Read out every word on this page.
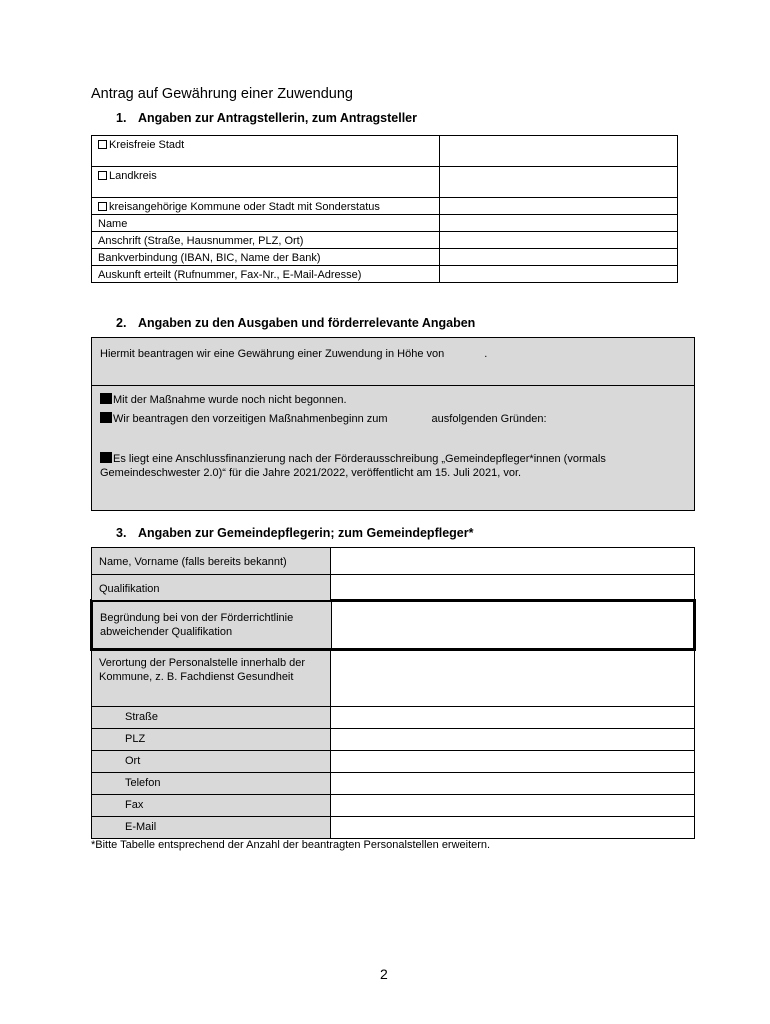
Antrag auf Gewährung einer Zuwendung
1. Angaben zur Antragstellerin, zum Antragsteller
Kreisfreie Stadt
Landkreis
kreisangehörige Kommune oder Stadt mit Sonderstatus
Name
Anschrift (Straße, Hausnummer, PLZ, Ort)
Bankverbindung (IBAN, BIC, Name der Bank)
Auskunft erteilt (Rufnummer, Fax-Nr., E-Mail-Adresse)
2. Angaben zu den Ausgaben und förderrelevante Angaben
Hiermit beantragen wir eine Gewährung einer Zuwendung in Höhe von	.

Mit der Maßnahme wurde noch nicht begonnen.

Wir beantragen den vorzeitigen Maßnahmenbeginn zum	ausfolgenden Gründen:

Es liegt eine Anschlussfinanzierung nach der Förderausschreibung „Gemeindepfleger*innen (vormals Gemeindeschwester 2.0)“ für die Jahre 2021/2022, veröffentlicht am 15. Juli 2021, vor.

3. Angaben zur Gemeindepflegerin; zum Gemeindepfleger*
Name, Vorname (falls bereits bekannt)
Qualifikation
Begründung bei von der Förderrichtlinie abweichender Qualifikation
Verortung der Personalstelle innerhalb der Kommune, z. B. Fachdienst Gesundheit
Straße
PLZ
Ort
Telefon
Fax
E-Mail
*Bitte Tabelle entsprechend der Anzahl der beantragten Personalstellen erweitern.
2
